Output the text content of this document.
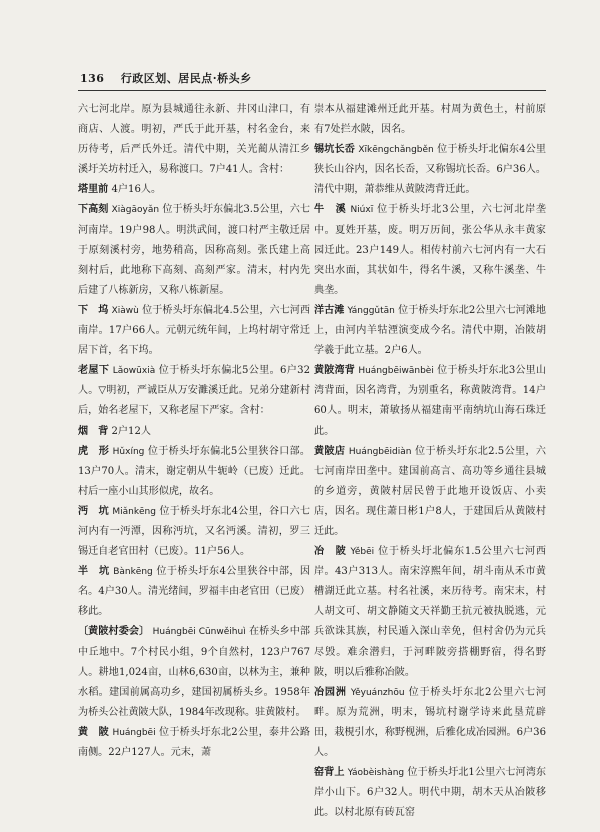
136 行政区划、居民点·桥头乡

六七河北岸。原为县城通往永新、井冈山津口，有商店、人渡。明初，严氏于此开基，村名金台，来历待考，后严氏外迁。清代中期，关光蔺从清江乡溪圩关坊村迁入，易称渡口。7户41人。含村：

塔里前 4户16人。

下高刻 Xiàgāoyǎn 位于桥头圩东偏北3.5公里，六七河南岸。19户98人。明洪武间，渡口村严主敬迁居于原刻溪村旁，地势稍高，因称高刻。张氏建上高刻村后，此地称下高刻、高刻严家。清末，村内先后建了八栋新房，又称八栋新屋。

下　坞 Xiàwù 位于桥头圩东偏北4.5公里，六七河西南岸。17户66人。元朝元统年间，上坞村胡守常迁居下首，名下坞。

老屋下 Lǎowūxià 位于桥头圩东偏北5公里。6户32人。▽明初，严诚臣从万安濉溪迁此。兄弟分建新村后，始名老屋下，又称老屋下严家。含村：

烟　背 2户12人

虎　形 Hǔxíng 位于桥头圩东偏北5公里狭谷口部。13户70人。清末，谢定朝从牛轭岭（已废）迁此。村后一座小山其形似虎，故名。

沔　坑 Miǎnkēng 位于桥头圩东北4公里，谷口六七河内有一沔潭，因称沔坑，又名沔溪。清初，罗三锡迁自老官田村（已废）。11户56人。

半　坑 Bànkēng 位于桥头圩东4公里狭谷中部，因名。4户30人。清光绪间，罗福丰由老官田（已废）移此。

〔黄陂村委会〕 Huángbēi Cūnwěihuì 在桥头乡中部中丘地中。7个村民小组，9个自然村，123户767人。耕地1,024亩，山林6,630亩，以林为主，兼种水稻。建国前属高功乡，建国初属桥头乡。1958年为桥头公社黄陂大队，1984年改现称。驻黄陂村。

黄　陂 Huángbēi 位于桥头圩东北2公里，泰井公路南侧。22户127人。元末，萧

崇本从福建滩州迁此开基。村周为黄色土，村前原有7处拦水陂，因名。

锡坑长岙 Xīkēngchǎngběn 位于桥头圩北偏东4公里狭长山谷内，因名长岙，又称锡坑长岙。6户36人。清代中期，萧恭维从黄陂湾背迁此。

牛　溪 Niúxī 位于桥头圩北3公里，六七河北岸垄中。夏姓开基，废。明万历间，张公华从永丰黄家园迁此。23户149人。相传村前六七河内有一大石突出水面，其状如牛，得名牛溪，又称牛溪垄、牛典垄。

洋古滩 Yánggǔtān 位于桥头圩东北2公里六七河滩地上，由河内羊牯湮演变成今名。清代中期，冶陂胡学羲于此立基。2户6人。

黄陂湾背 Huángbēiwānbèi 位于桥头圩东北3公里山湾背面，因名湾背，为别重名，称黄陂湾背。14户60人。明末，萧敏扬从福建南平南纳坑山海石珠迁此。

黄陂店 Huángbēidiàn 位于桥头圩东北2.5公里，六七河南岸田垄中。建国前高言、高功等乡通往县城的乡道旁，黄陂村居民曾于此地开设饭店、小卖店，因名。现住萧日彬1户8人，于建国后从黄陂村迁此。

冶　陂 Yěbēi 位于桥头圩北偏东1.5公里六七河西岸。43户313人。南宋淳熙年间，胡斗南从禾市黄槽湖迁此立基。村名社溪，来历待考。南宋末，村人胡文可、胡文静随文天祥勤王抗元被执脱逃，元兵欲诛其族，村民遁入深山幸免，但村舍仍为元兵尽毁。难余潜归，于河畔陂旁搭棚野宿，得名野陂，明以后雅称冶陂。

冶园洲 Yěyuánzhōu 位于桥头圩东北2公里六七河畔。原为荒洲，明末，锡坑村谢学诗来此垦荒辟田，栽梘引水，称野枧洲，后雅化成冶园洲。6户36人。

窑背上 Yáobèishàng 位于桥头圩北1公里六七河湾东岸小山下。6户32人。明代中期，胡木天从冶陂移此。以村北原有砖瓦窑
